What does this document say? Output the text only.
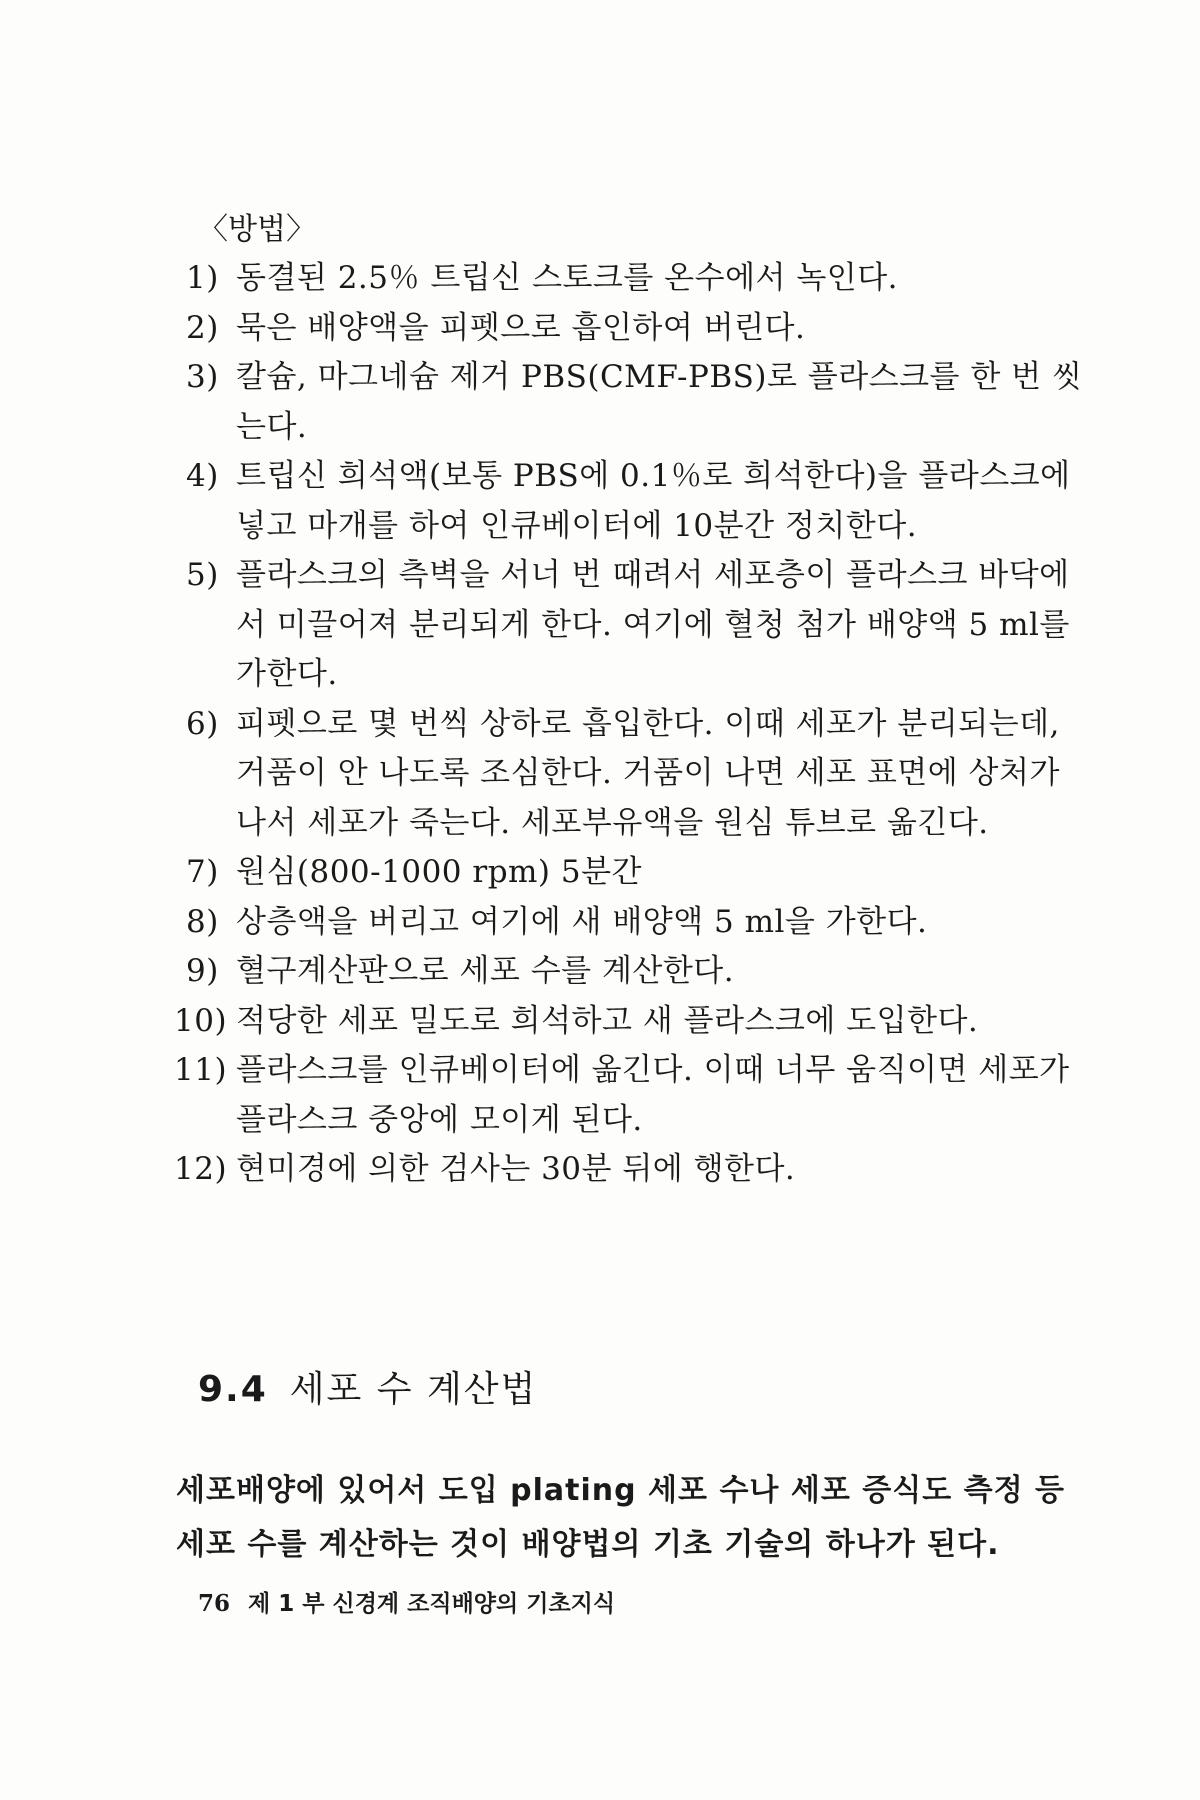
〈방법〉
1) 동결된 2.5％ 트립신 스토크를 온수에서 녹인다.
2) 묵은 배양액을 피펫으로 흡인하여 버린다.
3) 칼슘, 마그네슘 제거 PBS(CMF-PBS)로 플라스크를 한 번 씻는다.
4) 트립신 희석액(보통 PBS에 0.1％로 희석한다)을 플라스크에 넣고 마개를 하여 인큐베이터에 10분간 정치한다.
5) 플라스크의 측벽을 서너 번 때려서 세포층이 플라스크 바닥에서 미끌어져 분리되게 한다. 여기에 혈청 첨가 배양액 5 ml를 가한다.
6) 피펫으로 몇 번씩 상하로 흡입한다. 이때 세포가 분리되는데, 거품이 안 나도록 조심한다. 거품이 나면 세포 표면에 상처가 나서 세포가 죽는다. 세포부유액을 원심 튜브로 옮긴다.
7) 원심(800-1000 rpm) 5분간
8) 상층액을 버리고 여기에 새 배양액 5 ml을 가한다.
9) 혈구계산판으로 세포 수를 계산한다.
10) 적당한 세포 밀도로 희석하고 새 플라스크에 도입한다.
11) 플라스크를 인큐베이터에 옮긴다. 이때 너무 움직이면 세포가 플라스크 중앙에 모이게 된다.
12) 현미경에 의한 검사는 30분 뒤에 행한다.
9.4 세포 수 계산법

세포배양에 있어서 도입 plating 세포 수나 세포 증식도 측정 등 세포 수를 계산하는 것이 배양법의 기초 기술의 하나가 된다.

76 제 1 부 신경계 조직배양의 기초지식
